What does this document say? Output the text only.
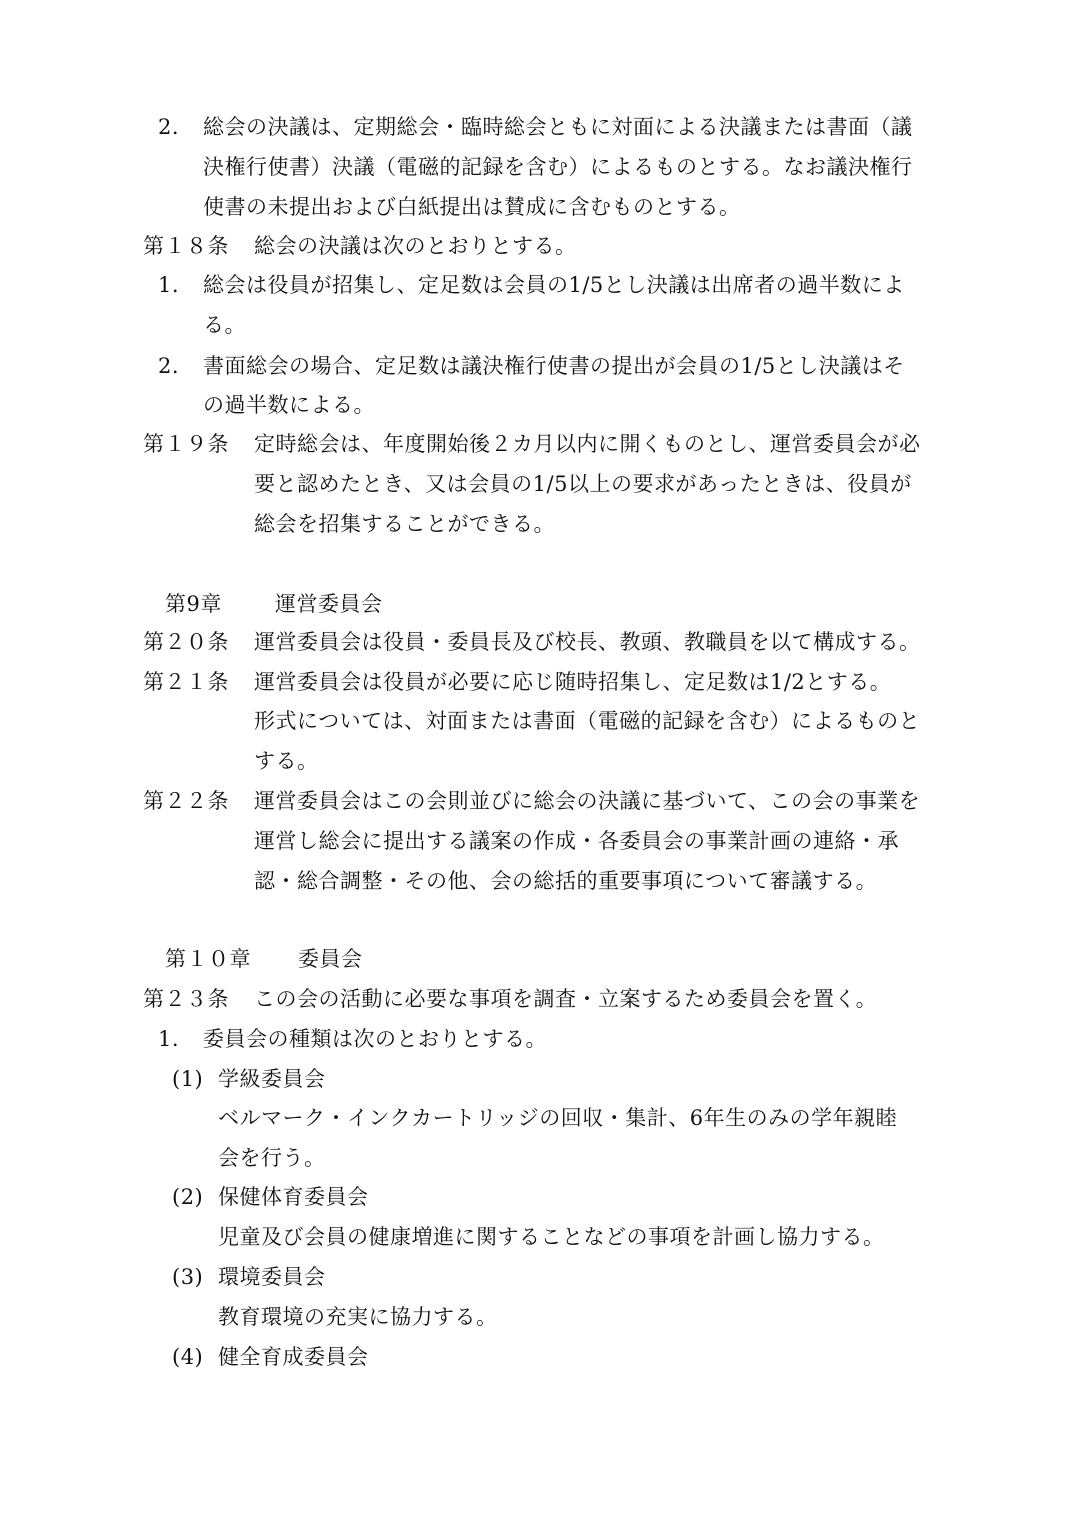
2. 総会の決議は、定期総会・臨時総会ともに対面による決議または書面（議
決権行使書）決議（電磁的記録を含む）によるものとする。なお議決権行
使書の未提出および白紙提出は賛成に含むものとする。
第１８条 総会の決議は次のとおりとする。
1. 総会は役員が招集し、定足数は会員の1/5とし決議は出席者の過半数によ
る。
2. 書面総会の場合、定足数は議決権行使書の提出が会員の1/5とし決議はそ
の過半数による。
第１９条 定時総会は、年度開始後２カ月以内に開くものとし、運営委員会が必
要と認めたとき、又は会員の1/5以上の要求があったときは、役員が
総会を招集することができる。
第9章	運営委員会
第２０条 運営委員会は役員・委員長及び校長、教頭、教職員を以て構成する。
第２１条 運営委員会は役員が必要に応じ随時招集し、定足数は1/2とする。
形式については、対面または書面（電磁的記録を含む）によるものと
する。
第２２条 運営委員会はこの会則並びに総会の決議に基づいて、この会の事業を
運営し総会に提出する議案の作成・各委員会の事業計画の連絡・承
認・総合調整・その他、会の総括的重要事項について審議する。
第１０章 委員会
第２３条 この会の活動に必要な事項を調査・立案するため委員会を置く。
1. 委員会の種類は次のとおりとする。
(1) 学級委員会
ベルマーク・インクカートリッジの回収・集計、6年生のみの学年親睦
会を行う。
(2) 保健体育委員会
児童及び会員の健康増進に関することなどの事項を計画し協力する。
(3) 環境委員会
教育環境の充実に協力する。
(4) 健全育成委員会
